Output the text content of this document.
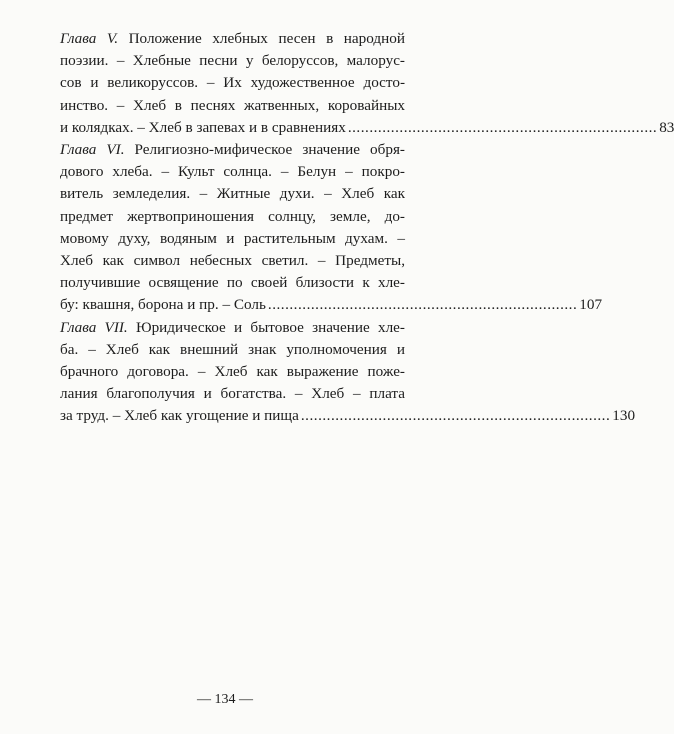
Глава V. Положение хлебных песен в народной
поэзии. – Хлебные песни у белоруссов, малорус-
сов и великоруссов. – Их художественное досто-
инство. – Хлеб в песнях жатвенных, коровайных
и колядках. – Хлеб в запевах и в сравнениях ........................................................................ 83
Глава VI. Религиозно-мифическое значение обря-
дового хлеба. – Культ солнца. – Белун – покро-
витель земледелия. – Житные духи. – Хлеб как
предмет жертвоприношения солнцу, земле, до-
мовому духу, водяным и растительным духам. –
Хлеб как символ небесных светил. – Предметы,
получившие освящение по своей близости к хле-
бу: квашня, борона и пр. – Соль ........................................................................ 107
Глава VII. Юридическое и бытовое значение хле-
ба. – Хлеб как внешний знак уполномочения и
брачного договора. – Хлеб как выражение поже-
лания благополучия и богатства. – Хлеб – плата
за труд. – Хлеб как угощение и пища ........................................................................ 130
— 134 —
